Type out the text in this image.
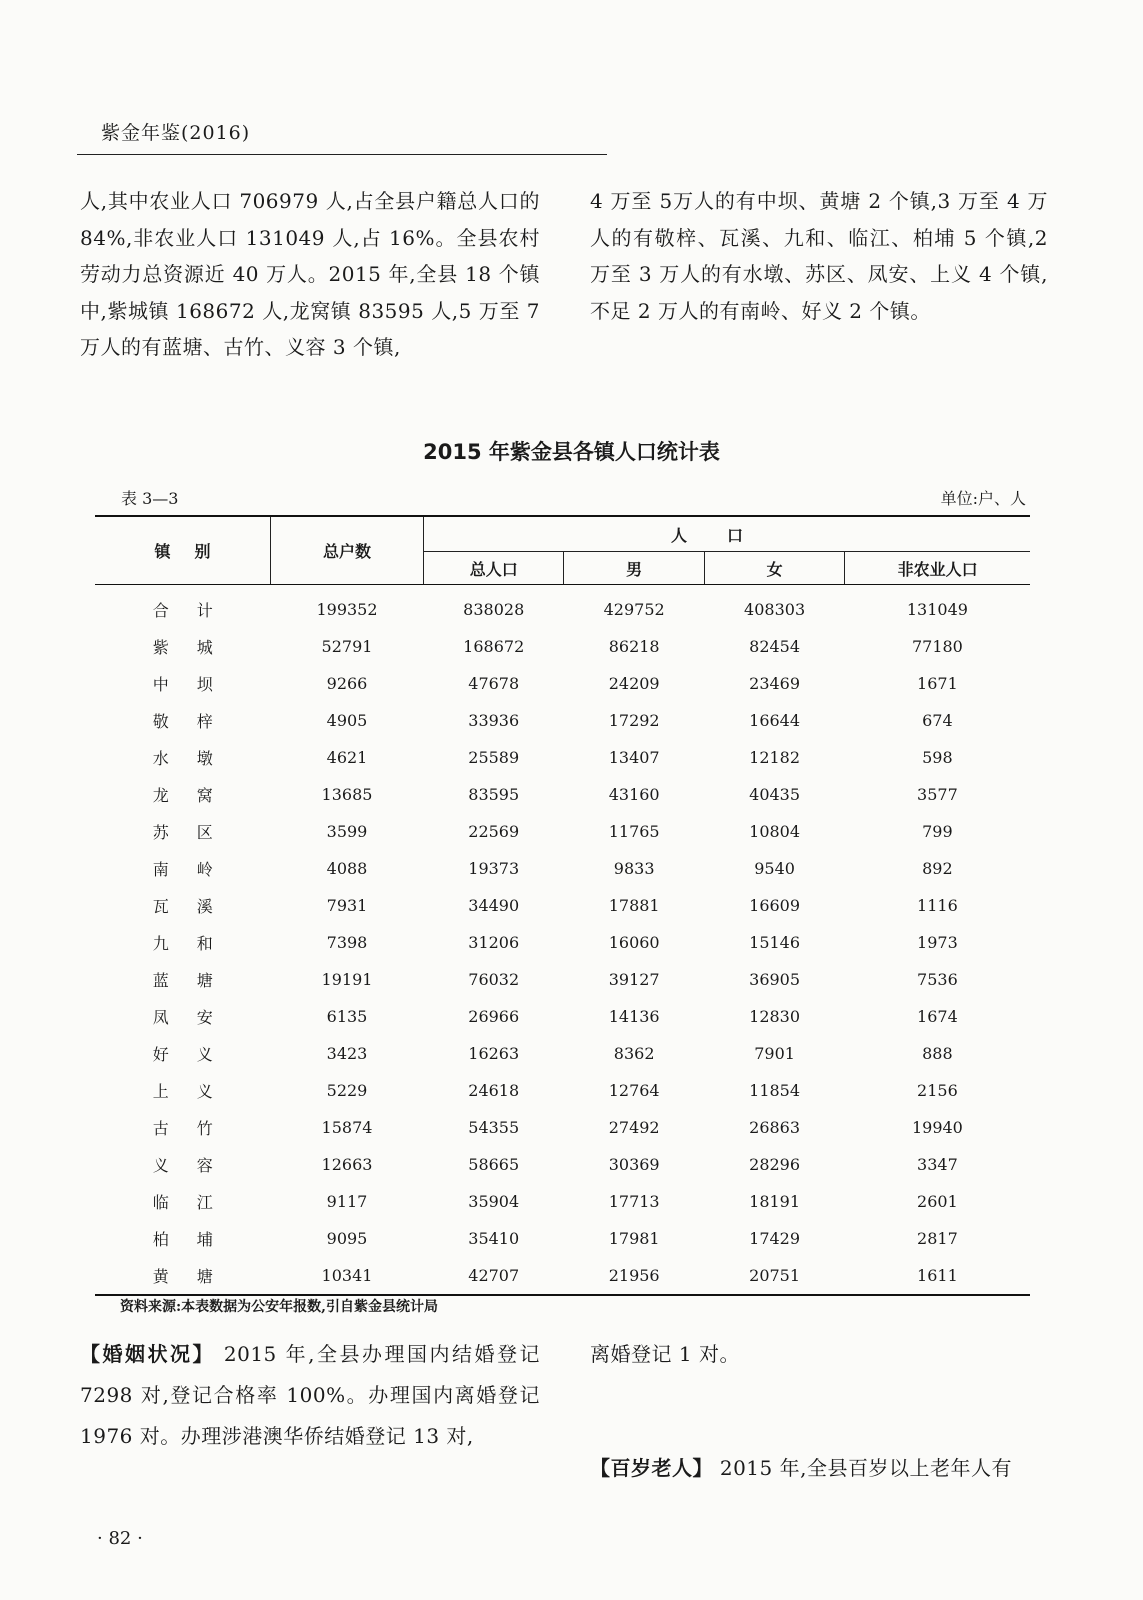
紫金年鉴(2016)
人,其中农业人口 706979 人,占全县户籍总人口的 84%,非农业人口 131049 人,占 16%。全县农村劳动力总资源近 40 万人。2015 年,全县 18 个镇中,紫城镇 168672 人,龙窝镇 83595 人,5 万至 7 万人的有蓝塘、古竹、义容 3 个镇,
4 万至 5万人的有中坝、黄塘 2 个镇,3 万至 4 万人的有敬梓、瓦溪、九和、临江、柏埔 5 个镇,2 万至 3 万人的有水墩、苏区、凤安、上义 4 个镇,不足 2 万人的有南岭、好义 2 个镇。
2015 年紫金县各镇人口统计表
表 3—3	单位:户、人
镇别	总户数	人口			
		总人口	男	女	非农业人口
合计	199352	838028	429752	408303	131049
紫城	52791	168672	86218	82454	77180
中坝	9266	47678	24209	23469	1671
敬梓	4905	33936	17292	16644	674
水墩	4621	25589	13407	12182	598
龙窝	13685	83595	43160	40435	3577
苏区	3599	22569	11765	10804	799
南岭	4088	19373	9833	9540	892
瓦溪	7931	34490	17881	16609	1116
九和	7398	31206	16060	15146	1973
蓝塘	19191	76032	39127	36905	7536
凤安	6135	26966	14136	12830	1674
好义	3423	16263	8362	7901	888
上义	5229	24618	12764	11854	2156
古竹	15874	54355	27492	26863	19940
义容	12663	58665	30369	28296	3347
临江	9117	35904	17713	18191	2601
柏埔	9095	35410	17981	17429	2817
黄塘	10341	42707	21956	20751	1611
资料来源:本表数据为公安年报数,引自紫金县统计局
【婚姻状况】 2015 年,全县办理国内结婚登记 7298 对,登记合格率 100%。办理国内离婚登记 1976 对。办理涉港澳华侨结婚登记 13 对,
离婚登记 1 对。
【百岁老人】 2015 年,全县百岁以上老年人有
· 82 ·
